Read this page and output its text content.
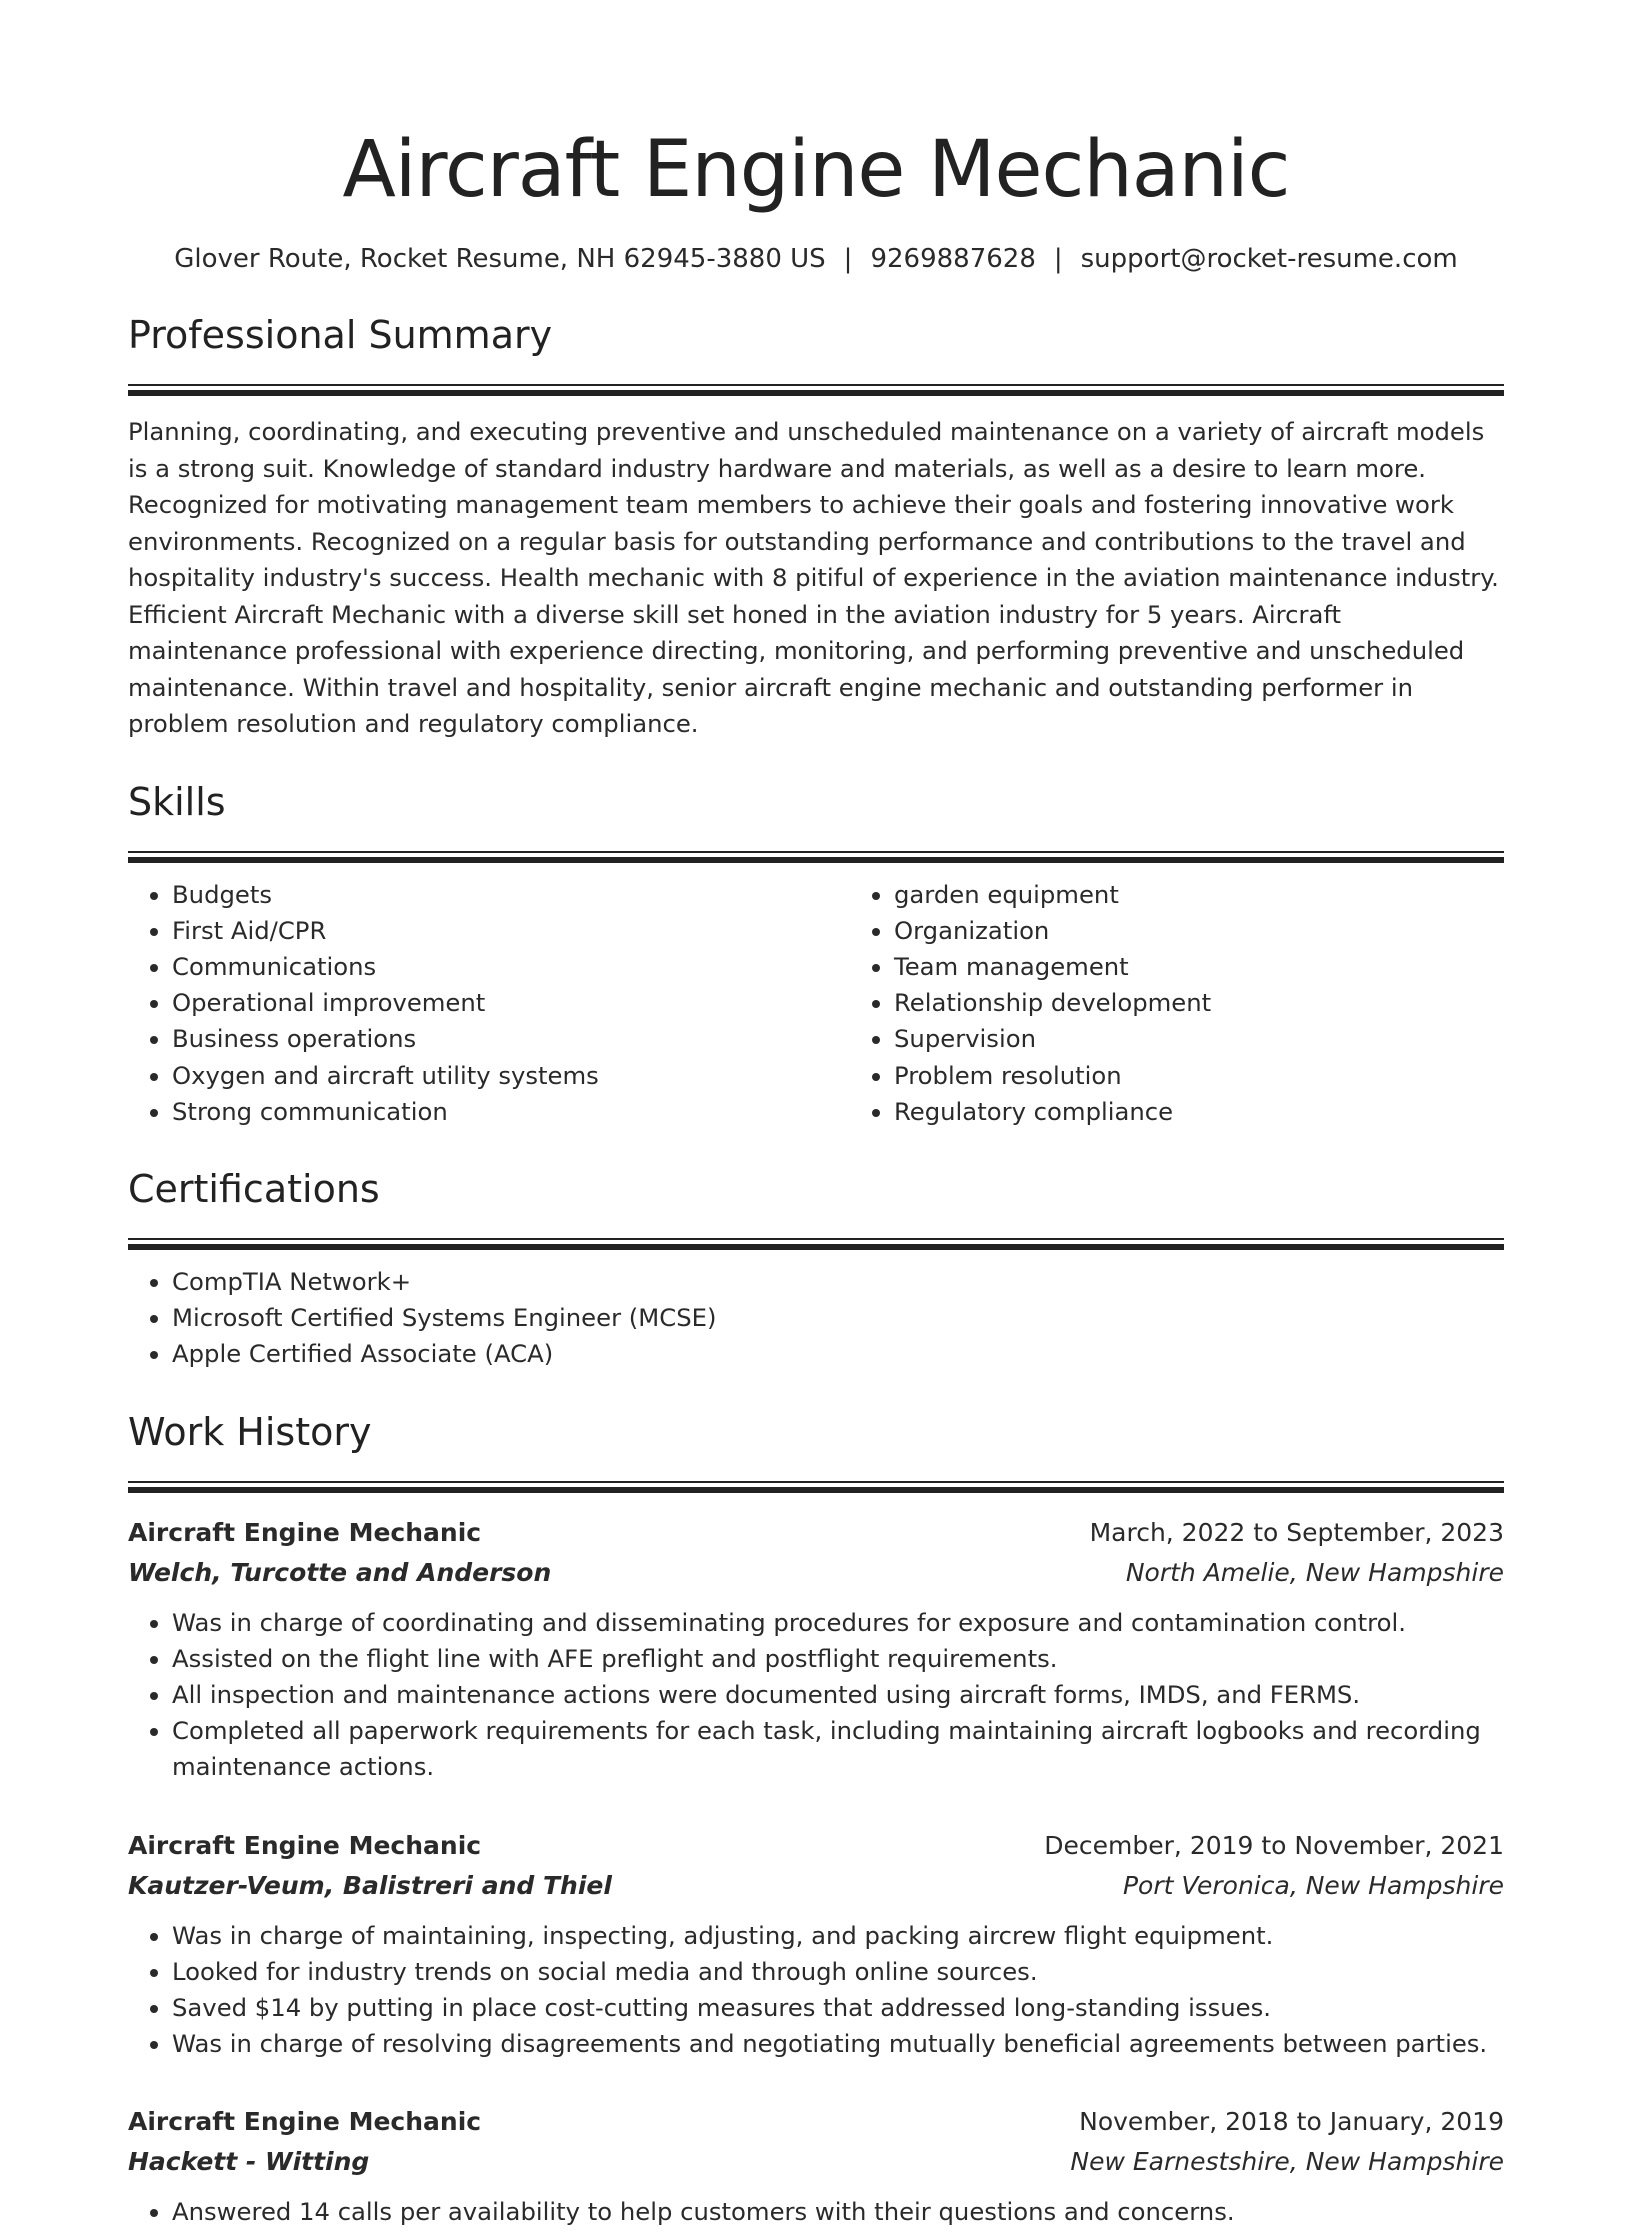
Aircraft Engine Mechanic
Glover Route, Rocket Resume, NH 62945-3880 US | 9269887628 | support@rocket-resume.com
Professional Summary

Planning, coordinating, and executing preventive and unscheduled maintenance on a variety of aircraft models is a strong suit. Knowledge of standard industry hardware and materials, as well as a desire to learn more. Recognized for motivating management team members to achieve their goals and fostering innovative work environments. Recognized on a regular basis for outstanding performance and contributions to the travel and hospitality industry's success. Health mechanic with 8 pitiful of experience in the aviation maintenance industry. Efficient Aircraft Mechanic with a diverse skill set honed in the aviation industry for 5 years. Aircraft maintenance professional with experience directing, monitoring, and performing preventive and unscheduled maintenance. Within travel and hospitality, senior aircraft engine mechanic and outstanding performer in problem resolution and regulatory compliance.

Skills
• Budgets
• First Aid/CPR
• Communications
• Operational improvement
• Business operations
• Oxygen and aircraft utility systems
• Strong communication
• garden equipment
• Organization
• Team management
• Relationship development
• Supervision
• Problem resolution
• Regulatory compliance
Certifications
• CompTIA Network+
• Microsoft Certified Systems Engineer (MCSE)
• Apple Certified Associate (ACA)
Work History
Aircraft Engine Mechanic	March, 2022 to September, 2023
Welch, Turcotte and Anderson	North Amelie, New Hampshire
• Was in charge of coordinating and disseminating procedures for exposure and contamination control.
• Assisted on the flight line with AFE preflight and postflight requirements.
• All inspection and maintenance actions were documented using aircraft forms, IMDS, and FERMS.
• Completed all paperwork requirements for each task, including maintaining aircraft logbooks and recording maintenance actions.
Aircraft Engine Mechanic	December, 2019 to November, 2021
Kautzer-Veum, Balistreri and Thiel	Port Veronica, New Hampshire
• Was in charge of maintaining, inspecting, adjusting, and packing aircrew flight equipment.
• Looked for industry trends on social media and through online sources.
• Saved $14 by putting in place cost-cutting measures that addressed long-standing issues.
• Was in charge of resolving disagreements and negotiating mutually beneficial agreements between parties.
Aircraft Engine Mechanic	November, 2018 to January, 2019
Hackett - Witting	New Earnestshire, New Hampshire
• Answered 14 calls per availability to help customers with their questions and concerns.
